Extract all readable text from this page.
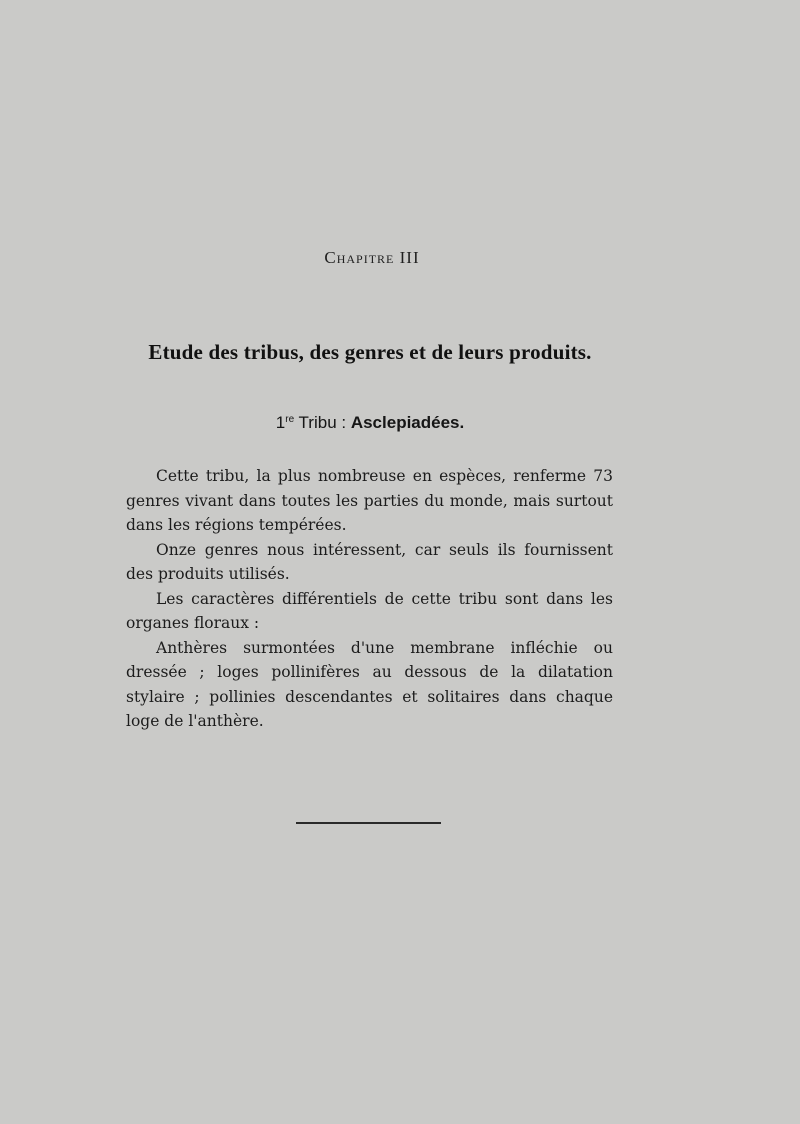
Chapitre III
Etude des tribus, des genres et de leurs produits.
1re Tribu : Asclepiadées.

Cette tribu, la plus nombreuse en espèces, renferme 73 genres vivant dans toutes les parties du monde, mais surtout dans les régions tempérées.

Onze genres nous intéressent, car seuls ils fournissent des produits utilisés.

Les caractères différentiels de cette tribu sont dans les organes floraux :

Anthères surmontées d'une membrane infléchie ou dressée ; loges pollinifères au dessous de la dilatation stylaire ; pollinies descendantes et solitaires dans chaque loge de l'anthère.
